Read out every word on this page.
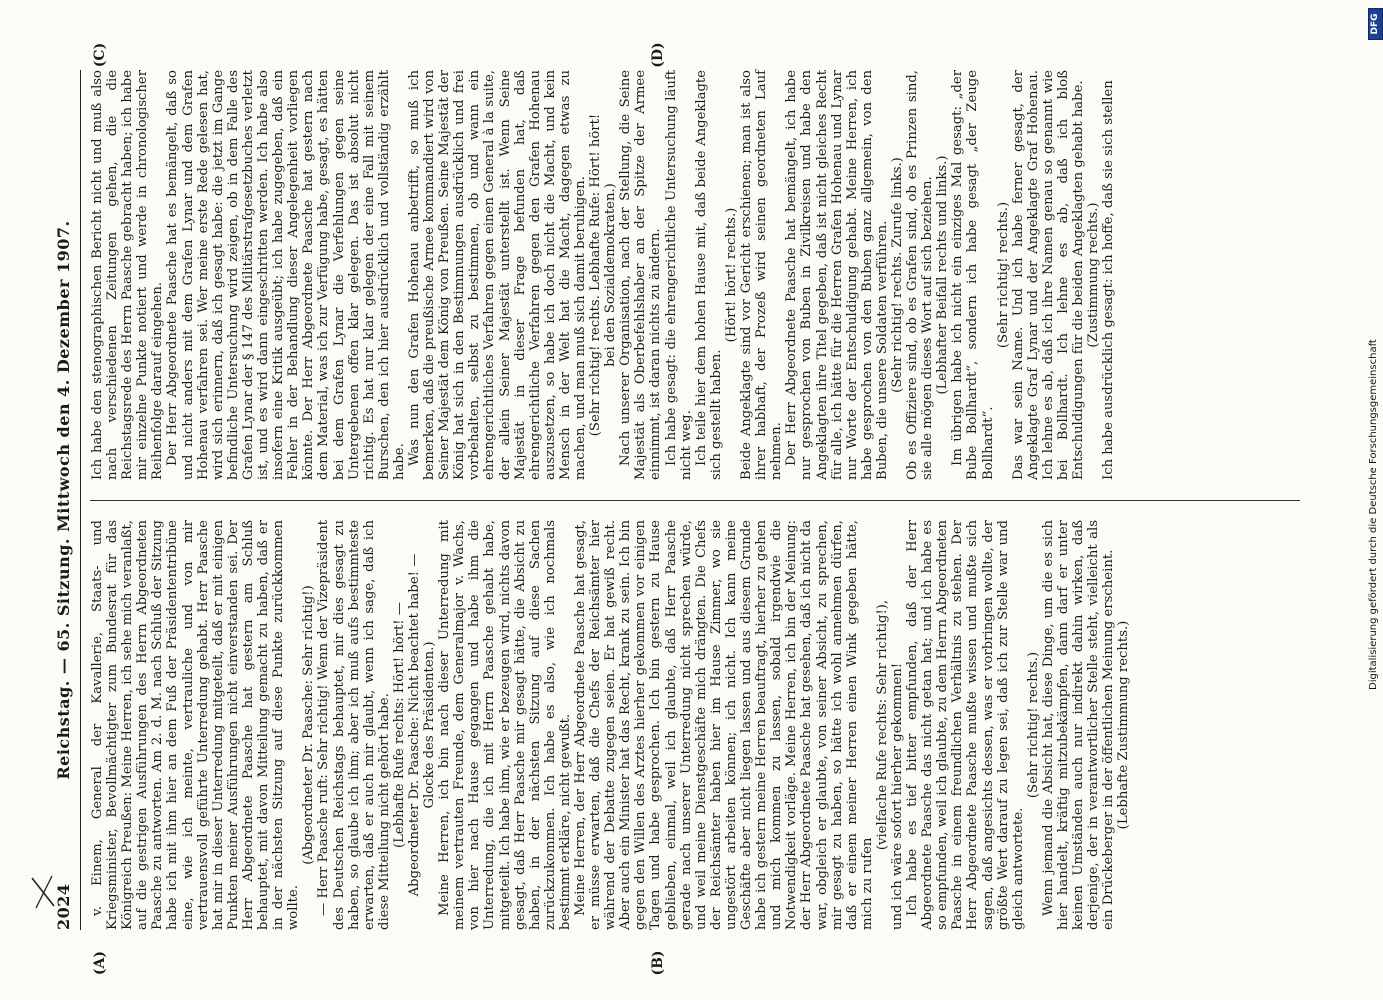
2024
Reichstag. — 65. Sitzung. Mittwoch den 4. Dezember 1907. v. Einem, General der Kavallerie, Staats- und Kriegsminister, Bevollmächtigter zum Bundesrat für das Königreich Preußen: Meine Herren, ich sehe mich veranlaßt, auf die gestrigen Ausführungen des Herrn Abgeordneten Paasche zu antworten. Am 2. d. M. nach Schluß der Sitzung habe ich mit ihm hier an dem Fuß der Präsidententribüne eine, wie ich meinte, vertrauliche und von mir vertrauensvoll geführte Unterredung gehabt. Herr Paasche hat mir in dieser Unterredung mitgeteilt, daß er mit einigen Punkten meiner Ausführungen nicht einverstanden sei. Der Herr Abgeordnete Paasche hat gestern am Schluß behauptet, mit davon Mitteilung gemacht zu haben, daß er in der nächsten Sitzung auf diese Punkte zurückkommen wollte.

(Abgeordneter Dr. Paasche: Sehr richtig!) — Herr Paasche ruft: Sehr richtig! Wenn der Vizepräsident des Deutschen Reichstags behauptet, mir dies gesagt zu haben, so glaube ich ihm; aber ich muß aufs bestimmteste erwarten, daß er auch mir glaubt, wenn ich sage, daß ich diese Mitteilung nicht gehört habe. (Lebhafte Rufe rechts: Hört! hört! — Abgeordneter Dr. Paasche: Nicht beachtet habe! — Glocke des Präsidenten.) Meine Herren, ich bin nach dieser Unterredung mit meinem vertrauten Freunde, dem Generalmajor v. Wachs, von hier nach Hause gegangen und habe ihm die Unterredung, die ich mit Herrn Paasche gehabt habe, mitgeteilt. Ich habe ihm, wie er bezeugen wird, nichts davon gesagt, daß Herr Paasche mir gesagt hätte, die Absicht zu haben, in der nächsten Sitzung auf diese Sachen zurückzukommen. Ich habe es also, wie ich nochmals bestimmt erkläre, nicht gewußt. Meine Herren, der Herr Abgeordnete Paasche hat gesagt, er müsse erwarten, daß die Chefs der Reichsämter hier während der Debatte zugegen seien. Er hat gewiß recht. Aber auch ein Minister hat das Recht, krank zu sein. Ich bin gegen den Willen des Arztes hierher gekommen vor einigen Tagen und habe gesprochen. Ich bin gestern zu Hause geblieben, einmal, weil ich glaubte, daß Herr Paasche gerade nach unserer Unterredung nicht sprechen würde, und weil meine Dienstgeschäfte mich drängten. Die Chefs der Reichsämter haben hier im Hause Zimmer, wo sie ungestört arbeiten können; ich nicht. Ich kann meine Geschäfte aber nicht liegen lassen und aus diesem Grunde habe ich gestern meine Herren beauftragt, hierher zu gehen und mich kommen zu lassen, sobald irgendwie die Notwendigkeit vorläge. Meine Herren, ich bin der Meinung: der Herr Abgeordnete Paasche hat gesehen, daß ich nicht da war, obgleich er glaubte, von seiner Absicht, zu sprechen, mir gesagt zu haben, so hätte ich wohl annehmen dürfen, daß er einem meiner Herren einen Wink gegeben hätte, mich zu rufen

(vielfache Rufe rechts: Sehr richtig!), und ich wäre sofort hierher gekommen! Ich habe es tief bitter empfunden, daß der Herr Abgeordnete Paasche das nicht getan hat; und ich habe es so empfunden, weil ich glaubte, zu dem Herrn Abgeordneten Paasche in einem freundlichen Verhältnis zu stehen. Der Herr Abgeordnete Paasche mußte wissen und mußte sich sagen, daß angesichts dessen, was er vorbringen wollte, der größte Wert darauf zu legen sei, daß ich zur Stelle war und gleich antwortete.

(Sehr richtig! rechts.) Wenn jemand die Absicht hat, diese Dinge, um die es sich hier handelt, kräftig mitzubekämpfen, dann darf er unter keinen Umständen auch nur indirekt dahin wirken, daß derjenige, der in verantwortlicher Stelle steht, vielleicht als ein Drückeberger in der öffentlichen Meinung erscheint. (Lebhafte Zustimmung rechts.)

Ich habe den stenographischen Bericht nicht und muß also nach verschiedenen Zeitungen gehen, die die Reichstagsrede des Herrn Paasche gebracht haben; ich habe mir einzelne Punkte notiert und werde in chronologischer Reihenfolge darauf eingehen. Der Herr Abgeordnete Paasche hat es bemängelt, daß so und nicht anders mit dem Grafen Lynar und dem Grafen Hohenau verfahren sei. Wer meine erste Rede gelesen hat, wird sich erinnern, daß ich gesagt habe: die jetzt im Gange befindliche Untersuchung wird zeigen, ob in dem Falle des Grafen Lynar der § 147 des Militärstrafgesetzbuches verletzt ist, und es wird dann eingeschritten werden. Ich habe also insofern eine Kritik ausgeübt; ich habe zugegeben, daß ein Fehler in der Behandlung dieser Angelegenheit vorliegen könnte. Der Herr Abgeordnete Paasche hat gestern nach dem Material, was ich zur Verfügung habe, gesagt, es hätten bei dem Grafen Lynar die Verfehlungen gegen seine Untergebenen offen klar gelegen. Das ist absolut nicht richtig. Es hat nur klar gelegen der eine Fall mit seinem Burschen, den ich hier ausdrücklich und vollständig erzählt habe. Was nun den Grafen Hohenau anbetrifft, so muß ich bemerken, daß die preußische Armee kommandiert wird von Seiner Majestät dem König von Preußen. Seine Majestät der König hat sich in den Bestimmungen ausdrücklich und frei vorbehalten, selbst zu bestimmen, ob und wann ein ehrengerichtliches Verfahren gegen einen General à la suite, der allein Seiner Majestät unterstellt ist. Wenn Seine Majestät in dieser Frage befunden hat, daß ehrengerichtliche Verfahren gegen den Grafen Hohenau auszusetzen, so habe ich doch nicht die Macht, und kein Mensch in der Welt hat die Macht, dagegen etwas zu machen, und man muß sich damit beruhigen. (Sehr richtig! rechts. Lebhafte Rufe: Hört! hört! bei den Sozialdemokraten.) Nach unserer Organisation, nach der Stellung, die Seine Majestät als Oberbefehlshaber an der Spitze der Armee einnimmt, ist daran nichts zu ändern. Ich habe gesagt: die ehrengerichtliche Untersuchung läuft nicht weg. Ich teile hier dem hohen Hause mit, daß beide Angeklagte sich gestellt haben.

(Hört! hört! rechts.) Beide Angeklagte sind vor Gericht erschienen; man ist also ihrer habhaft, der Prozeß wird seinen geordneten Lauf nehmen. Der Herr Abgeordnete Paasche hat bemängelt, ich habe nur gesprochen von Buben in Zivilkreisen und habe den Angeklagten ihre Titel gegeben, daß ist nicht gleiches Recht für alle, ich hätte für die Herren Grafen Hohenau und Lynar nur Worte der Entschuldigung gehabt. Meine Herren, ich habe gesprochen von den Buben ganz allgemein, von den Buben, die unsere Soldaten verführen. (Sehr richtig! rechts. Zurufe links.) Ob es Offiziere sind, ob es Grafen sind, ob es Prinzen sind, sie alle mögen dieses Wort auf sich beziehen. (Lebhafter Beifall rechts und links.) Im übrigen habe ich nicht ein einziges Mal gesagt: „der Bube Bollhardt“, sondern ich habe gesagt „der Zeuge Bollhardt“.

(Sehr richtig! rechts.) Das war sein Name. Und ich habe ferner gesagt, der Angeklagte Graf Lynar und der Angeklagte Graf Hohenau. Ich lehne es ab, daß ich ihre Namen genau so genannt wie bei Bollhardt. Ich lehne es ab, daß ich bloß Entschuldigungen für die beiden Angeklagten gehabt habe. (Zustimmung rechts.) Ich habe ausdrücklich gesagt: ich hoffe, daß sie sich stellen

(A)	(B)
(C)	(D)
DFG
Digitalisierung gefördert durch die Deutsche Forschungsgemeinschaft
